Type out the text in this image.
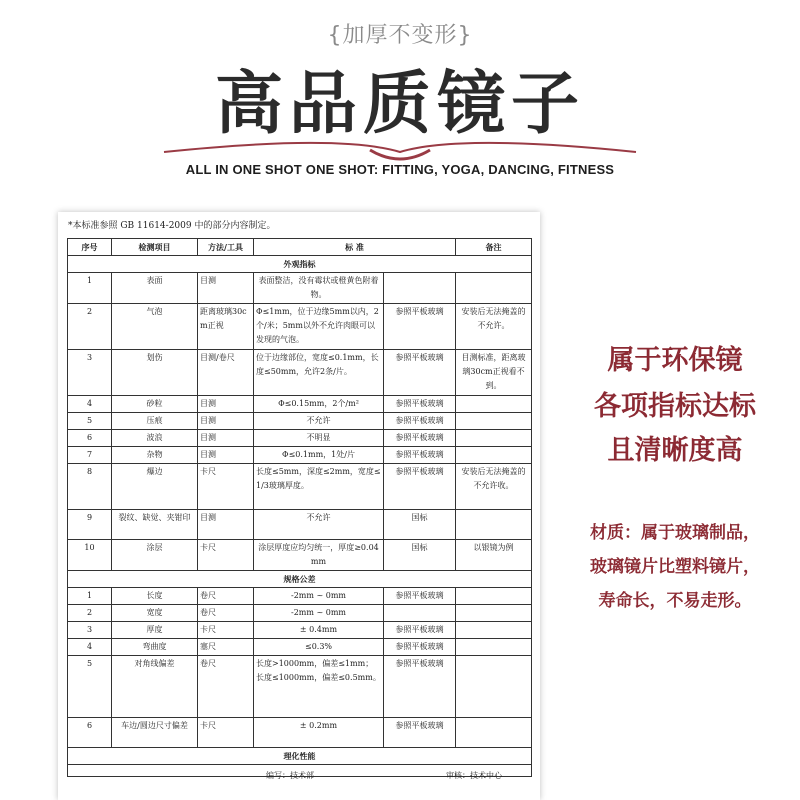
{加厚不变形}
高品质镜子
ALL IN ONE SHOT ONE SHOT: FITTING, YOGA, DANCING, FITNESS
*本标准参照 GB 11614-2009 中的部分内容制定。
序号	检测项目	方法/工具	标 准		备注
外观指标					
1	表面	目测	表面整洁，没有霉状或橙黄色附着物。		
2	气泡	距离玻璃30cm正视	Φ≤1mm，位于边缘5mm以内，2个/米；5mm以外不允许肉眼可以发现的气泡。	参照平板玻璃	安装后无法掩盖的不允许。
3	划伤	目测/卷尺	位于边缘部位，宽度≤0.1mm，长度≤50mm，允许2条/片。	参照平板玻璃	目测标准，距离玻璃30cm正视看不到。
4	砂粒	目测	Φ≤0.15mm，2个/m²	参照平板玻璃	
5	压痕	目测	不允许	参照平板玻璃	
6	波浪	目测	不明显	参照平板玻璃	
7	杂物	目测	Φ≤0.1mm，1处/片	参照平板玻璃	
8	爆边	卡尺	长度≤5mm，深度≤2mm，宽度≤1/3玻璃厚度。	参照平板玻璃	安装后无法掩盖的不允许收。
9	裂纹、缺觉、夹钳印	目测	不允许	国标	
10	涂层	卡尺	涂层厚度应均匀统一，厚度≥0.04mm	国标	以银镜为例
规格公差					
1	长度	卷尺	-2mm ~ 0mm	参照平板玻璃	
2	宽度	卷尺	-2mm ~ 0mm		
3	厚度	卡尺	± 0.4mm	参照平板玻璃	
4	弯曲度	塞尺	≤0.3%	参照平板玻璃	
5	对角线偏差	卷尺	长度>1000mm，偏差≤1mm；长度≤1000mm，偏差≤0.5mm。	参照平板玻璃	
6	车边/圆边尺寸偏差	卡尺	± 0.2mm	参照平板玻璃	
理化性能					

编写：技术部	审核：技术中心
属于环保镜
各项指标达标
且清晰度高
材质：属于玻璃制品，
玻璃镜片比塑料镜片，
寿命长，不易走形。
